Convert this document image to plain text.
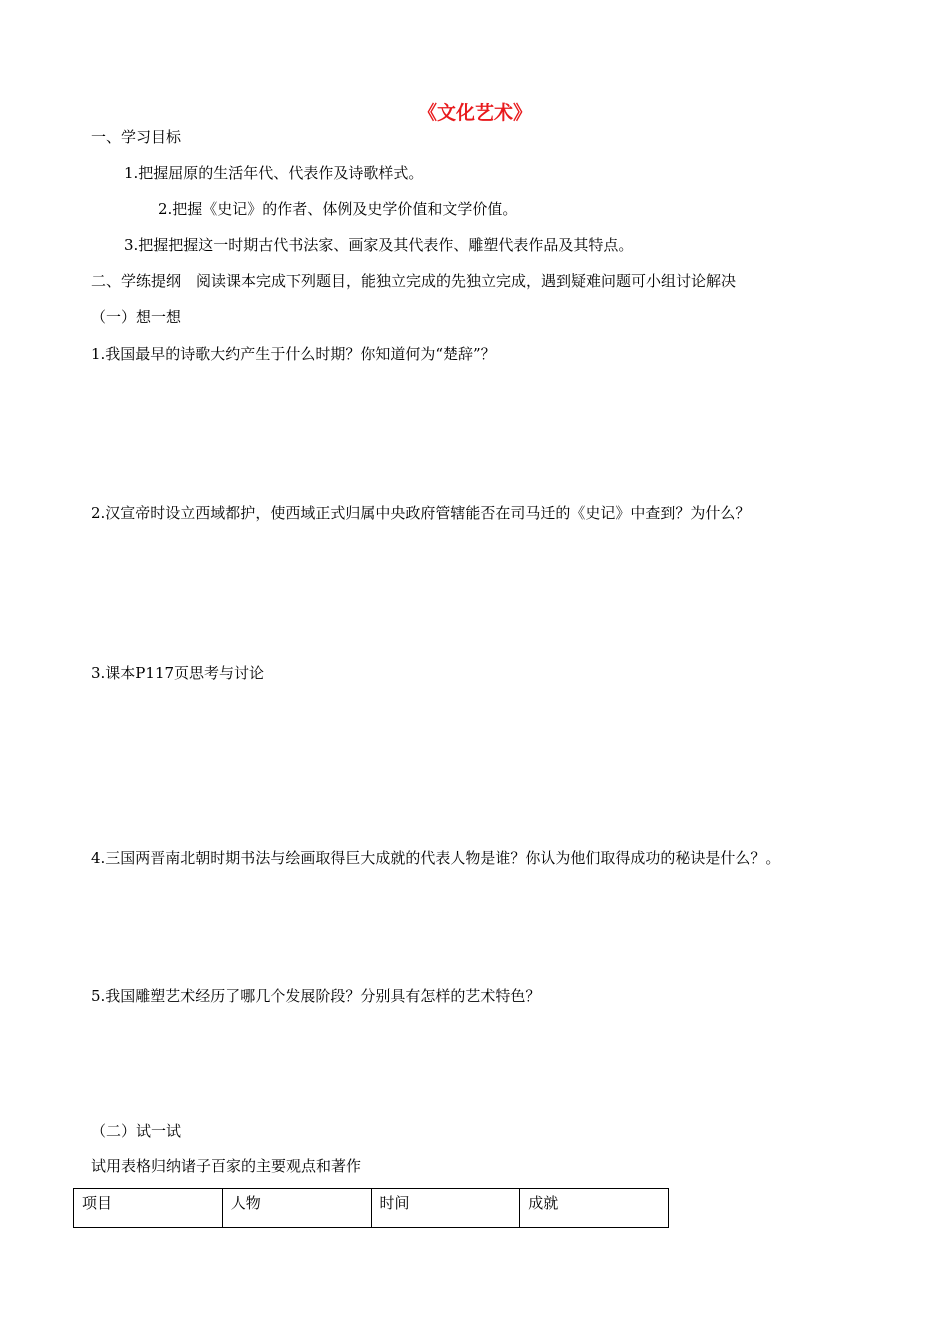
《文化艺术》
一、学习目标
1.把握屈原的生活年代、代表作及诗歌样式。
2.把握《史记》的作者、体例及史学价值和文学价值。
3.把握把握这一时期古代书法家、画家及其代表作、雕塑代表作品及其特点。
二、学练提纲　阅读课本完成下列题目，能独立完成的先独立完成，遇到疑难问题可小组讨论解决
（一）想一想
1.我国最早的诗歌大约产生于什么时期？你知道何为“楚辞”？
2.汉宣帝时设立西域都护，使西域正式归属中央政府管辖能否在司马迁的《史记》中查到？为什么？
3.课本P117页思考与讨论
4.三国两晋南北朝时期书法与绘画取得巨大成就的代表人物是谁？你认为他们取得成功的秘诀是什么？。
5.我国雕塑艺术经历了哪几个发展阶段？分别具有怎样的艺术特色？
（二）试一试
试用表格归纳诸子百家的主要观点和著作
项目	人物	时间	成就
